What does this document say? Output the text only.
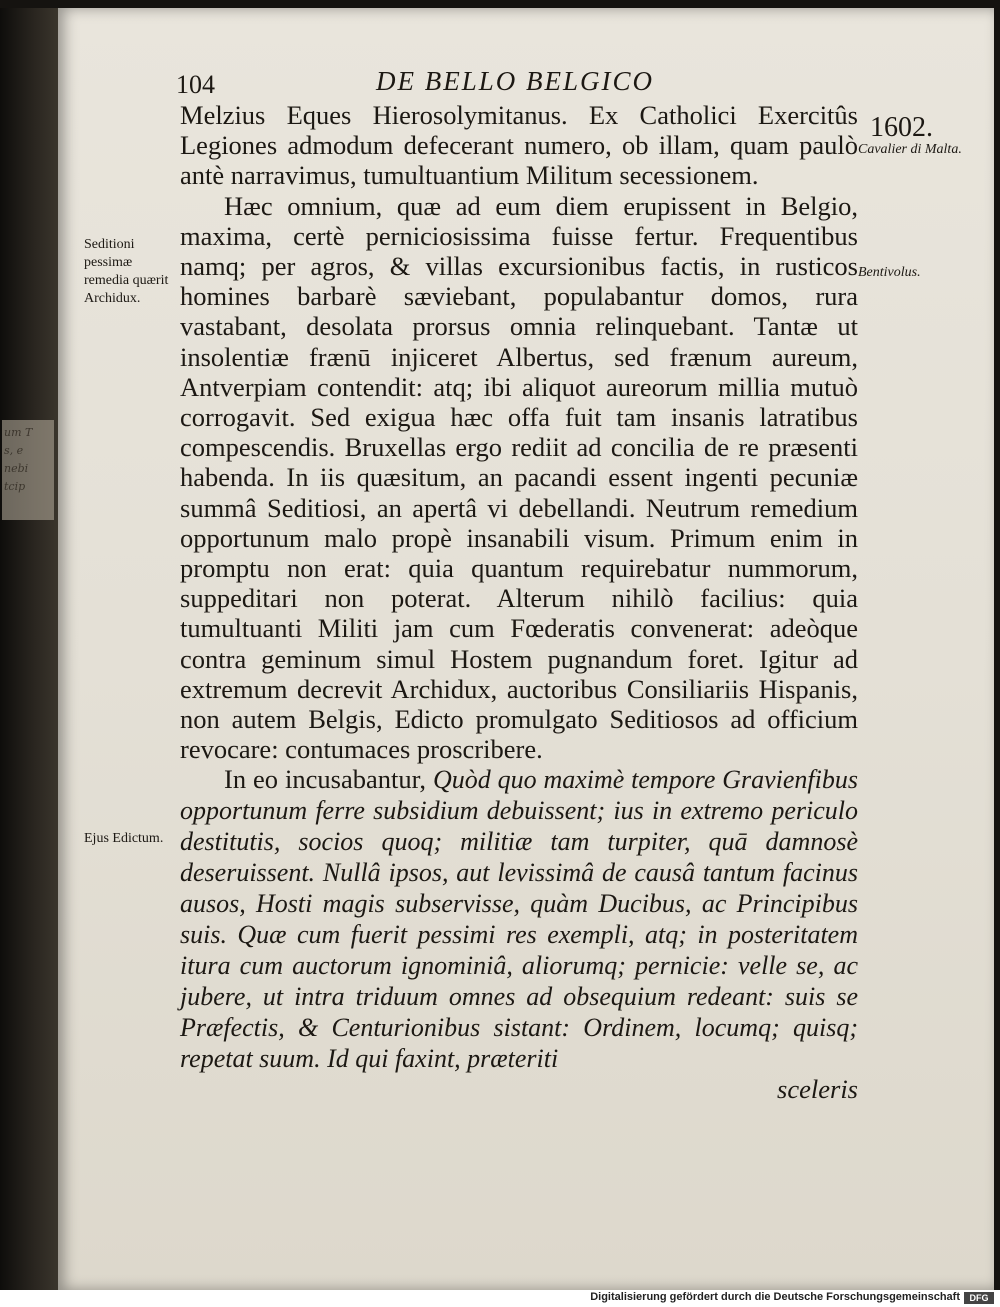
um T
s, e
nebi
tcip
104	DE BELLO BELGICO
1602.
Cavalier di Malta.
Bentivolus.
Seditioni pessimæ remedia quærit Archidux.
Ejus Edictum.

Melzius Eques Hierosolymitanus. Ex Catholici Exercitûs Legiones admodum defecerant numero, ob illam, quam paulò antè narravimus, tumultuantium Militum secessionem.

Hæc omnium, quæ ad eum diem erupissent in Belgio, maxima, certè perniciosissima fuisse fertur. Frequentibus namq; per agros, & villas excursionibus factis, in rusticos homines barbarè sæviebant, populabantur domos, rura vastabant, desolata prorsus omnia relinquebant. Tantæ ut insolentiæ frænū injiceret Albertus, sed frænum aureum, Antverpiam contendit: atq; ibi aliquot aureorum millia mutuò corrogavit. Sed exigua hæc offa fuit tam insanis latratibus compescendis. Bruxellas ergo rediit ad concilia de re præsenti habenda. In iis quæsitum, an pacandi essent ingenti pecuniæ summâ Seditiosi, an apertâ vi debellandi. Neutrum remedium opportunum malo propè insanabili visum. Primum enim in promptu non erat: quia quantum requirebatur nummorum, suppeditari non poterat. Alterum nihilò facilius: quia tumultuanti Militi jam cum Fœderatis convenerat: adeòque contra geminum simul Hostem pugnandum foret. Igitur ad extremum decrevit Archidux, auctoribus Consiliariis Hispanis, non autem Belgis, Edicto promulgato Seditiosos ad officium revocare: contumaces proscribere.

In eo incusabantur, Quòd quo maximè tempore Gravienfibus opportunum ferre subsidium debuissent; ius in extremo periculo destitutis, socios quoq; militiæ tam turpiter, quā damnosè deseruissent. Nullâ ipsos, aut levissimâ de causâ tantum facinus ausos, Hosti magis subservisse, quàm Ducibus, ac Principibus suis. Quæ cum fuerit pessimi res exempli, atq; in posteritatem itura cum auctorum ignominiâ, aliorumq; pernicie: velle se, ac jubere, ut intra triduum omnes ad obsequium redeant: suis se Præfectis, & Centurionibus sistant: Ordinem, locumq; quisq; repetat suum. Id qui faxint, præteriti

sceleris

Digitalisierung gefördert durch die Deutsche Forschungsgemeinschaft	DFG
